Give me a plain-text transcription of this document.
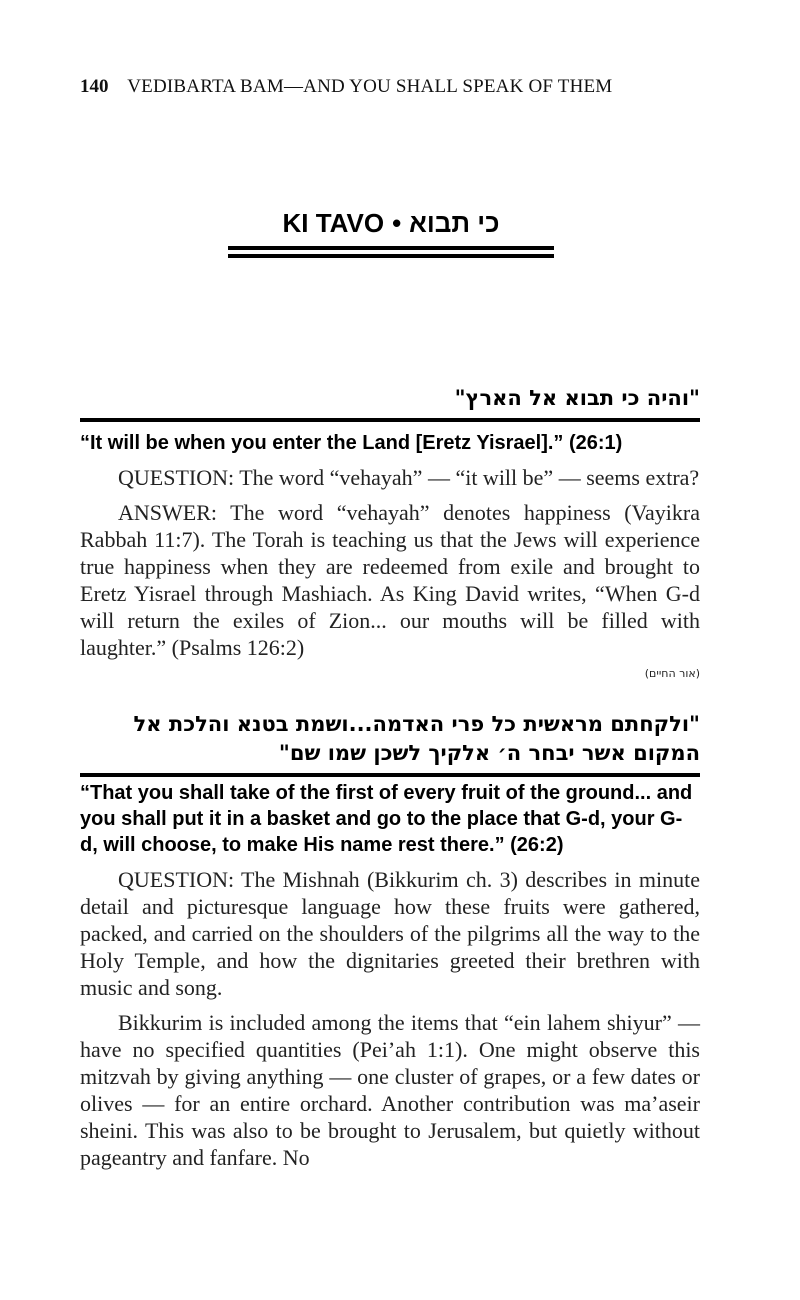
140 VEDIBARTA BAM—AND YOU SHALL SPEAK OF THEM
KI TAVO • כי תבוא
"והיה כי תבוא אל הארץ"
“It will be when you enter the Land [Eretz Yisrael].” (26:1)

QUESTION: The word “vehayah” — “it will be” — seems extra?

ANSWER: The word “vehayah” denotes happiness (Vayikra Rabbah 11:7). The Torah is teaching us that the Jews will experience true happiness when they are redeemed from exile and brought to Eretz Yisrael through Mashiach. As King David writes, “When G-d will return the exiles of Zion... our mouths will be filled with laughter.” (Psalms 126:2)

(אור החיים)
"ולקחתם מראשית כל פרי האדמה...ושמת בטנא והלכת אל
המקום אשר יבחר ה׳ אלקיך לשכן שמו שם"
“That you shall take of the first of every fruit of the ground... and you shall put it in a basket and go to the place that G-d, your G-d, will choose, to make His name rest there.” (26:2)

QUESTION: The Mishnah (Bikkurim ch. 3) describes in minute detail and picturesque language how these fruits were gathered, packed, and carried on the shoulders of the pilgrims all the way to the Holy Temple, and how the dignitaries greeted their brethren with music and song.

Bikkurim is included among the items that “ein lahem shiyur” — have no specified quantities (Pei’ah 1:1). One might observe this mitzvah by giving anything — one cluster of grapes, or a few dates or olives — for an entire orchard. Another contribution was ma’aseir sheini. This was also to be brought to Jerusalem, but quietly without pageantry and fanfare. No
